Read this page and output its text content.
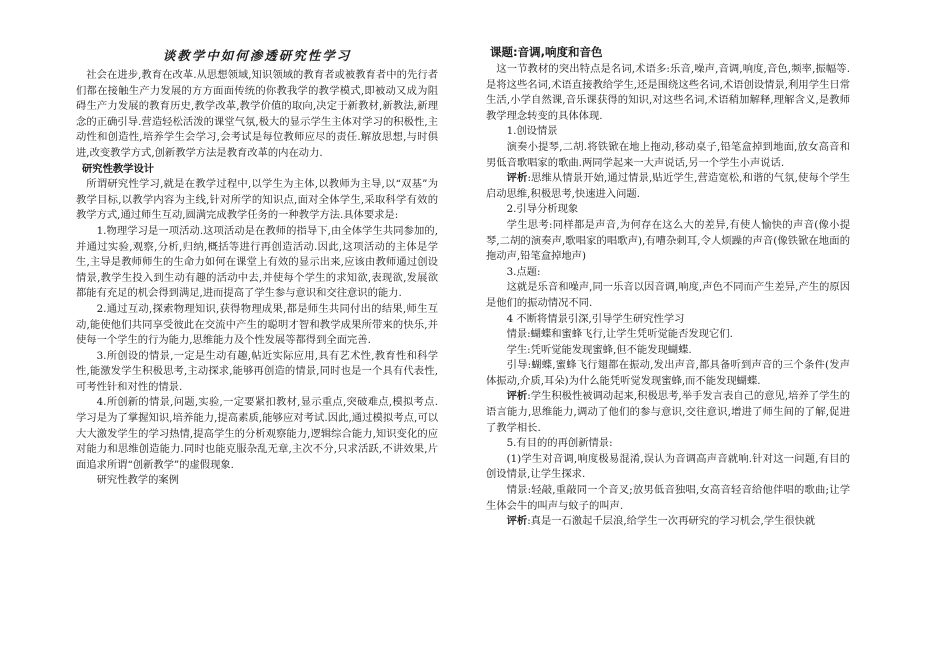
谈教学中如何渗透研究性学习

社会在进步,教育在改革.从思想领域,知识领域的教育者或被教育者中的先行者们都在接触生产力发展的方方面面传统的你教我学的教学模式,即被动又成为阻碍生产力发展的教育历史,教学改革,教学价值的取向,决定于新教材,新教法,新理念的正确引导.营造轻松活泼的课堂气氛,极大的显示学生主体对学习的积极性,主动性和创造性,培养学生会学习,会考试是每位教师应尽的责任.解放思想,与时俱进,改变教学方式,创新教学方法是教育改革的内在动力.

研究性教学设计

所谓研究性学习,就是在教学过程中,以学生为主体,以教师为主导,以“双基”为教学目标,以教学内容为主线,针对所学的知识点,面对全体学生,采取科学有效的教学方式,通过师生互动,圆满完成教学任务的一种教学方法.具体要求是:

1.物理学习是一项活动.这项活动是在教师的指导下,由全体学生共同参加的,并通过实验,观察,分析,归纳,概括等进行再创造活动.因此,这项活动的主体是学生,主导是教师师生的生命力如何在课堂上有效的显示出来,应该由教师通过创设情景,教学生投入到生动有趣的活动中去,并使每个学生的求知欲,表现欲,发展欲都能有充足的机会得到满足,进而提高了学生参与意识和交往意识的能力.

2.通过互动,探索物理知识,获得物理成果,都是师生共同付出的结果,师生互动,能使他们共同享受彼此在交流中产生的聪明才智和教学成果所带来的快乐,并使每一个学生的行为能力,思维能力及个性发展等都得到全面完善.

3.所创设的情景,一定是生动有趣,帖近实际应用,具有艺术性,教育性和科学性,能激发学生积极思考,主动探求,能够再创造的情景,同时也是一个具有代表性,可考性针和对性的情景.

4.所创新的情景,问题,实验,一定要紧扣教材,显示重点,突破难点,模拟考点.学习是为了掌握知识,培养能力,提高素质,能够应对考试.因此,通过模拟考点,可以大大激发学生的学习热情,提高学生的分析观察能力,逻辑综合能力,知识变化的应对能力和思维创造能力.同时也能克服杂乱无章,主次不分,只求活跃,不讲效果,片面追求所谓“创新教学”的虚假现象.

研究性教学的案例

课题:音调,响度和音色

这一节教材的突出特点是名词,术语多:乐音,噪声,音调,响度,音色,频率,振幅等.是将这些名词,术语直接教给学生,还是围绕这些名词,术语创设情景,利用学生日常生活,小学自然课,音乐课获得的知识,对这些名词,术语稍加解释,理解含义,是教师教学理念转变的具体体现.

1.创设情景

演奏小提琴,二胡.将铁锨在地上拖动,移动桌子,铅笔盒掉到地面,放女高音和男低音歌唱家的歌曲.两同学起来一大声说话,另一个学生小声说话.

评析:思维从情景开始,通过情景,贴近学生,营造宽松,和谐的气氛,使每个学生启动思维,积极思考,快速进入问题.

2.引导分析现象

学生思考:同样都是声音,为何存在这么大的差异,有使人愉快的声音(像小提琴,二胡的演奏声,歌唱家的唱歌声),有嘈杂刺耳,令人烦躁的声音(像铁锨在地面的拖动声,铅笔盒掉地声)

3.点题:

这就是乐音和噪声,同一乐音以因音调,响度,声色不同而产生差异,产生的原因是他们的振动情况不同.

4 不断将情景引深,引导学生研究性学习

情景:蝴蝶和蜜蜂飞行,让学生凭听觉能否发现它们.

学生:凭听觉能发现蜜蜂,但不能发现蝴蝶.

引导:蝴蝶,蜜蜂飞行翅都在振动,发出声音,都具备听到声音的三个条件(发声体振动,介质,耳朵)为什么能凭听觉发现蜜蜂,而不能发现蝴蝶.

评析:学生积极性被调动起来,积极思考,举手发言表自己的意见,培养了学生的语言能力,思维能力,调动了他们的参与意识,交往意识,增进了师生间的了解,促进了教学相长.

5.有目的的再创新情景:

(1)学生对音调,响度极易混淆,误认为音调高声音就响.针对这一问题,有目的创设情景,让学生探求.

情景:轻敲,重敲同一个音叉;放男低音独唱,女高音轻音给他伴唱的歌曲;让学生体会牛的叫声与蚊子的叫声.

评析:真是一石激起千层浪,给学生一次再研究的学习机会,学生很快就
